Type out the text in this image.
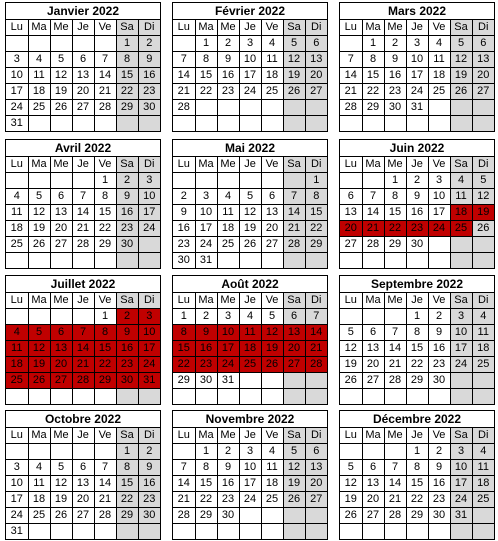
Janvier 2022
Lu	Ma	Me	Je	Ve	Sa	Di
					1	2
3	4	5	6	7	8	9
10	11	12	13	14	15	16
17	18	19	20	21	22	23
24	25	26	27	28	29	30
31						
Février 2022
Lu	Ma	Me	Je	Ve	Sa	Di
	1	2	3	4	5	6
7	8	9	10	11	12	13
14	15	16	17	18	19	20
21	22	23	24	25	26	27
28						

Mars 2022
Lu	Ma	Me	Je	Ve	Sa	Di
	1	2	3	4	5	6
7	8	9	10	11	12	13
14	15	16	17	18	19	20
21	22	23	24	25	26	27
28	29	30	31			

Avril 2022
Lu	Ma	Me	Je	Ve	Sa	Di
				1	2	3
4	5	6	7	8	9	10
11	12	13	14	15	16	17
18	19	20	21	22	23	24
25	26	27	28	29	30	

Mai 2022
Lu	Ma	Me	Je	Ve	Sa	Di
						1
2	3	4	5	6	7	8
9	10	11	12	13	14	15
16	17	18	19	20	21	22
23	24	25	26	27	28	29
30	31					
Juin 2022
Lu	Ma	Me	Je	Ve	Sa	Di
		1	2	3	4	5
6	7	8	9	10	11	12
13	14	15	16	17	18	19
20	21	22	23	24	25	26
27	28	29	30			

Juillet 2022
Lu	Ma	Me	Je	Ve	Sa	Di
				1	2	3
4	5	6	7	8	9	10
11	12	13	14	15	16	17
18	19	20	21	22	23	24
25	26	27	28	29	30	31

Août 2022
Lu	Ma	Me	Je	Ve	Sa	Di
1	2	3	4	5	6	7
8	9	10	11	12	13	14
15	16	17	18	19	20	21
22	23	24	25	26	27	28
29	30	31				

Septembre 2022
Lu	Ma	Me	Je	Ve	Sa	Di
			1	2	3	4
5	6	7	8	9	10	11
12	13	14	15	16	17	18
19	20	21	22	23	24	25
26	27	28	29	30		

Octobre 2022
Lu	Ma	Me	Je	Ve	Sa	Di
					1	2
3	4	5	6	7	8	9
10	11	12	13	14	15	16
17	18	19	20	21	22	23
24	25	26	27	28	29	30
31						
Novembre 2022
Lu	Ma	Me	Je	Ve	Sa	Di
	1	2	3	4	5	6
7	8	9	10	11	12	13
14	15	16	17	18	19	20
21	22	23	24	25	26	27
28	29	30				

Décembre 2022
Lu	Ma	Me	Je	Ve	Sa	Di
			1	2	3	4
5	6	7	8	9	10	11
12	13	14	15	16	17	18
19	20	21	22	23	24	25
26	27	28	29	30	31	
